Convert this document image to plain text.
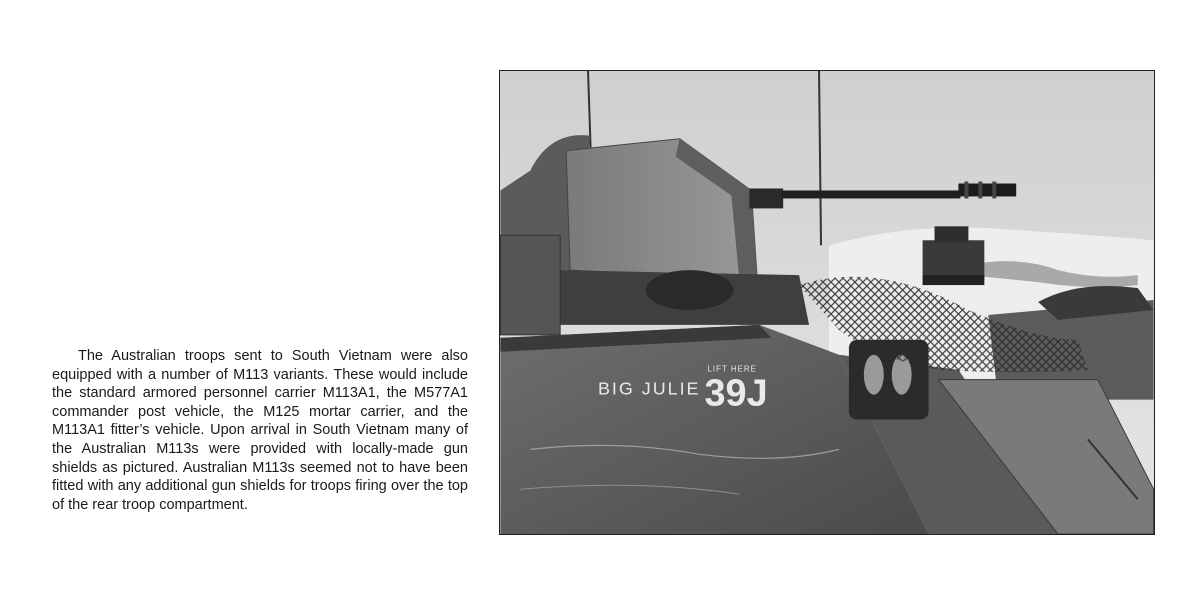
The Australian troops sent to South Vietnam were also equipped with a number of M113 variants. These would include the standard armored personnel carrier M113A1, the M577A1 commander post vehicle, the M125 mortar carrier, and the M113A1 fitter’s vehicle. Upon arrival in South Vietnam many of the Australian M113s were provided with locally-made gun shields as pictured. Australian M113s seemed not to have been fitted with any additional gun shields for troops firing over the top of the rear troop compartment.

BIG JULIE 39J
LIFT HERE
